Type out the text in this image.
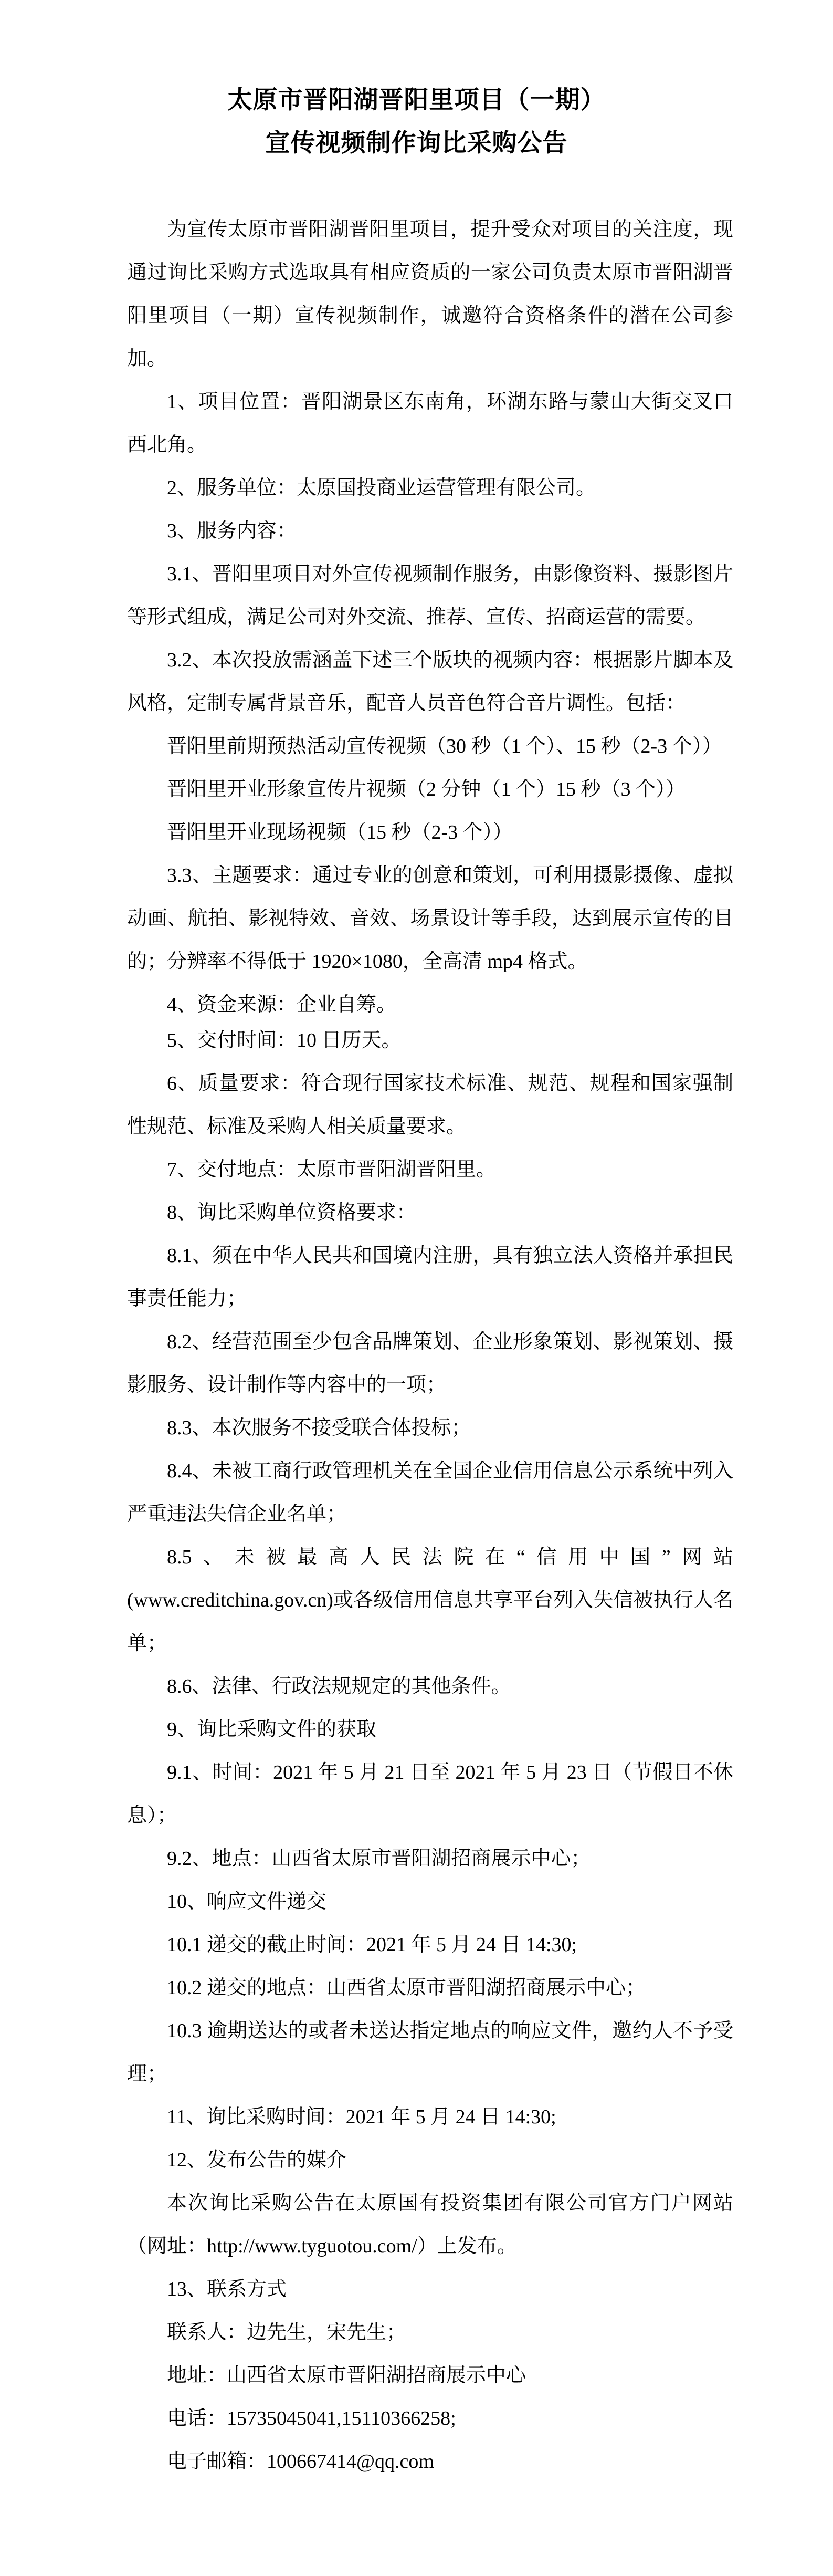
太原市晋阳湖晋阳里项目（一期）
宣传视频制作询比采购公告

为宣传太原市晋阳湖晋阳里项目，提升受众对项目的关注度，现通过询比采购方式选取具有相应资质的一家公司负责太原市晋阳湖晋阳里项目（一期）宣传视频制作，诚邀符合资格条件的潜在公司参加。

1、项目位置：晋阳湖景区东南角，环湖东路与蒙山大街交叉口西北角。

2、服务单位：太原国投商业运营管理有限公司。

3、服务内容：

3.1、晋阳里项目对外宣传视频制作服务，由影像资料、摄影图片等形式组成，满足公司对外交流、推荐、宣传、招商运营的需要。

3.2、本次投放需涵盖下述三个版块的视频内容：根据影片脚本及风格，定制专属背景音乐，配音人员音色符合音片调性。包括：

晋阳里前期预热活动宣传视频（30 秒（1 个）、15 秒（2-3 个））

晋阳里开业形象宣传片视频（2 分钟（1 个）15 秒（3 个））

晋阳里开业现场视频（15 秒（2-3 个））

3.3、主题要求：通过专业的创意和策划，可利用摄影摄像、虚拟动画、航拍、影视特效、音效、场景设计等手段，达到展示宣传的目的；分辨率不得低于 1920×1080，全高清 mp4 格式。

4、资金来源：企业自筹。

5、交付时间：10 日历天。

6、质量要求：符合现行国家技术标准、规范、规程和国家强制性规范、标准及采购人相关质量要求。

7、交付地点：太原市晋阳湖晋阳里。

8、询比采购单位资格要求：

8.1、须在中华人民共和国境内注册，具有独立法人资格并承担民事责任能力；

8.2、经营范围至少包含品牌策划、企业形象策划、影视策划、摄影服务、设计制作等内容中的一项；

8.3、本次服务不接受联合体投标；

8.4、未被工商行政管理机关在全国企业信用信息公示系统中列入严重违法失信企业名单；

8.5、未被最高人民法院在“信用中国”网站(www.creditchina.gov.cn)或各级信用信息共享平台列入失信被执行人名单；

8.6、法律、行政法规规定的其他条件。

9、询比采购文件的获取

9.1、时间：2021 年 5 月 21 日至 2021 年 5 月 23 日（节假日不休息）；

9.2、地点：山西省太原市晋阳湖招商展示中心；

10、响应文件递交

10.1 递交的截止时间：2021 年 5 月 24 日 14:30;

10.2 递交的地点：山西省太原市晋阳湖招商展示中心；

10.3 逾期送达的或者未送达指定地点的响应文件，邀约人不予受理；

11、询比采购时间：2021 年 5 月 24 日 14:30;

12、发布公告的媒介

本次询比采购公告在太原国有投资集团有限公司官方门户网站（网址：http://www.tyguotou.com/）上发布。

13、联系方式

联系人：边先生，宋先生；

地址：山西省太原市晋阳湖招商展示中心

电话：15735045041,15110366258;

电子邮箱：100667414@qq.com
